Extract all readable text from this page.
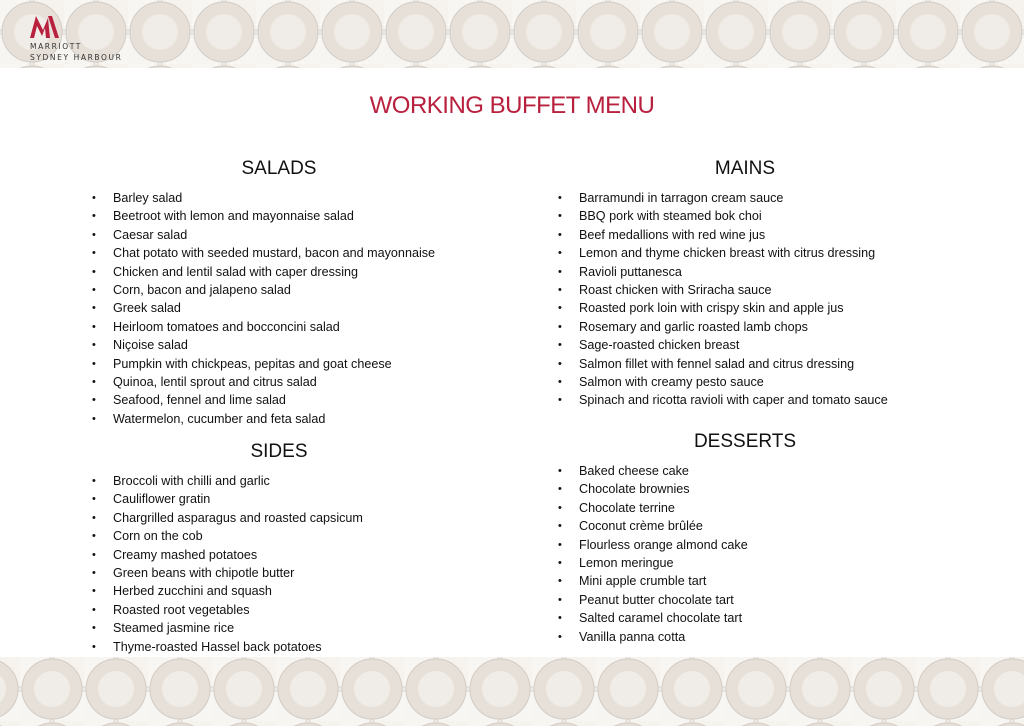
MARRIOTT
SYDNEY HARBOUR
WORKING BUFFET MENU
SALADS
• Barley salad
• Beetroot with lemon and mayonnaise salad
• Caesar salad
• Chat potato with seeded mustard, bacon and mayonnaise
• Chicken and lentil salad with caper dressing
• Corn, bacon and jalapeno salad
• Greek salad
• Heirloom tomatoes and bocconcini salad
• Niçoise salad
• Pumpkin with chickpeas, pepitas and goat cheese
• Quinoa, lentil sprout and citrus salad
• Seafood, fennel and lime salad
• Watermelon, cucumber and feta salad
SIDES
• Broccoli with chilli and garlic
• Cauliflower gratin
• Chargrilled asparagus and roasted capsicum
• Corn on the cob
• Creamy mashed potatoes
• Green beans with chipotle butter
• Herbed zucchini and squash
• Roasted root vegetables
• Steamed jasmine rice
• Thyme-roasted Hassel back potatoes
MAINS
• Barramundi in tarragon cream sauce
• BBQ pork with steamed bok choi
• Beef medallions with red wine jus
• Lemon and thyme chicken breast with citrus dressing
• Ravioli puttanesca
• Roast chicken with Sriracha sauce
• Roasted pork loin with crispy skin and apple jus
• Rosemary and garlic roasted lamb chops
• Sage-roasted chicken breast
• Salmon fillet with fennel salad and citrus dressing
• Salmon with creamy pesto sauce
• Spinach and ricotta ravioli with caper and tomato sauce
DESSERTS
• Baked cheese cake
• Chocolate brownies
• Chocolate terrine
• Coconut crème brûlée
• Flourless orange almond cake
• Lemon meringue
• Mini apple crumble tart
• Peanut butter chocolate tart
• Salted caramel chocolate tart
• Vanilla panna cotta
